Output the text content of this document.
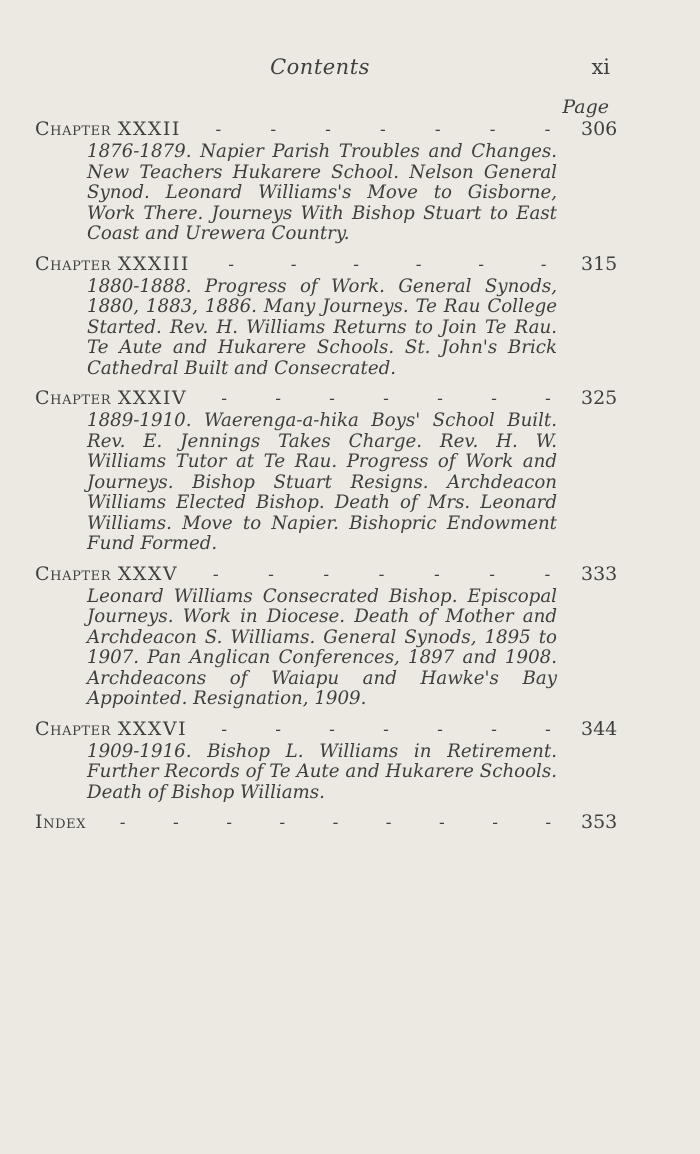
Contents	xi
Page
Chapter XXXII -	-	-	-	-	-	- 306
1876-1879. Napier Parish Troubles and Changes. New Teachers Hukarere School. Nelson General Synod. Leonard Williams's Move to Gisborne, Work There. Journeys With Bishop Stuart to East Coast and Urewera Country.
Chapter XXXIII -	-	-	-	-	- 315
1880-1888. Progress of Work. General Synods, 1880, 1883, 1886. Many Journeys. Te Rau College Started. Rev. H. Williams Returns to Join Te Rau. Te Aute and Hukarere Schools. St. John's Brick Cathedral Built and Consecrated.
Chapter XXXIV -	-	-	-	-	-	- 325
1889-1910. Waerenga-a-hika Boys' School Built. Rev. E. Jennings Takes Charge. Rev. H. W. Williams Tutor at Te Rau. Progress of Work and Journeys. Bishop Stuart Resigns. Archdeacon Williams Elected Bishop. Death of Mrs. Leonard Williams. Move to Napier. Bishopric Endowment Fund Formed.
Chapter XXXV -	-	-	-	-	-	- 333
Leonard Williams Consecrated Bishop. Episcopal Journeys. Work in Diocese. Death of Mother and Archdeacon S. Williams. General Synods, 1895 to 1907. Pan Anglican Conferences, 1897 and 1908. Archdeacons of Waiapu and Hawke's Bay Appointed. Resignation, 1909.
Chapter XXXVI -	-	-	-	-	-	- 344
1909-1916. Bishop L. Williams in Retirement. Further Records of Te Aute and Hukarere Schools. Death of Bishop Williams.
Index -	-	-	-	-	-	-	-	- 353
